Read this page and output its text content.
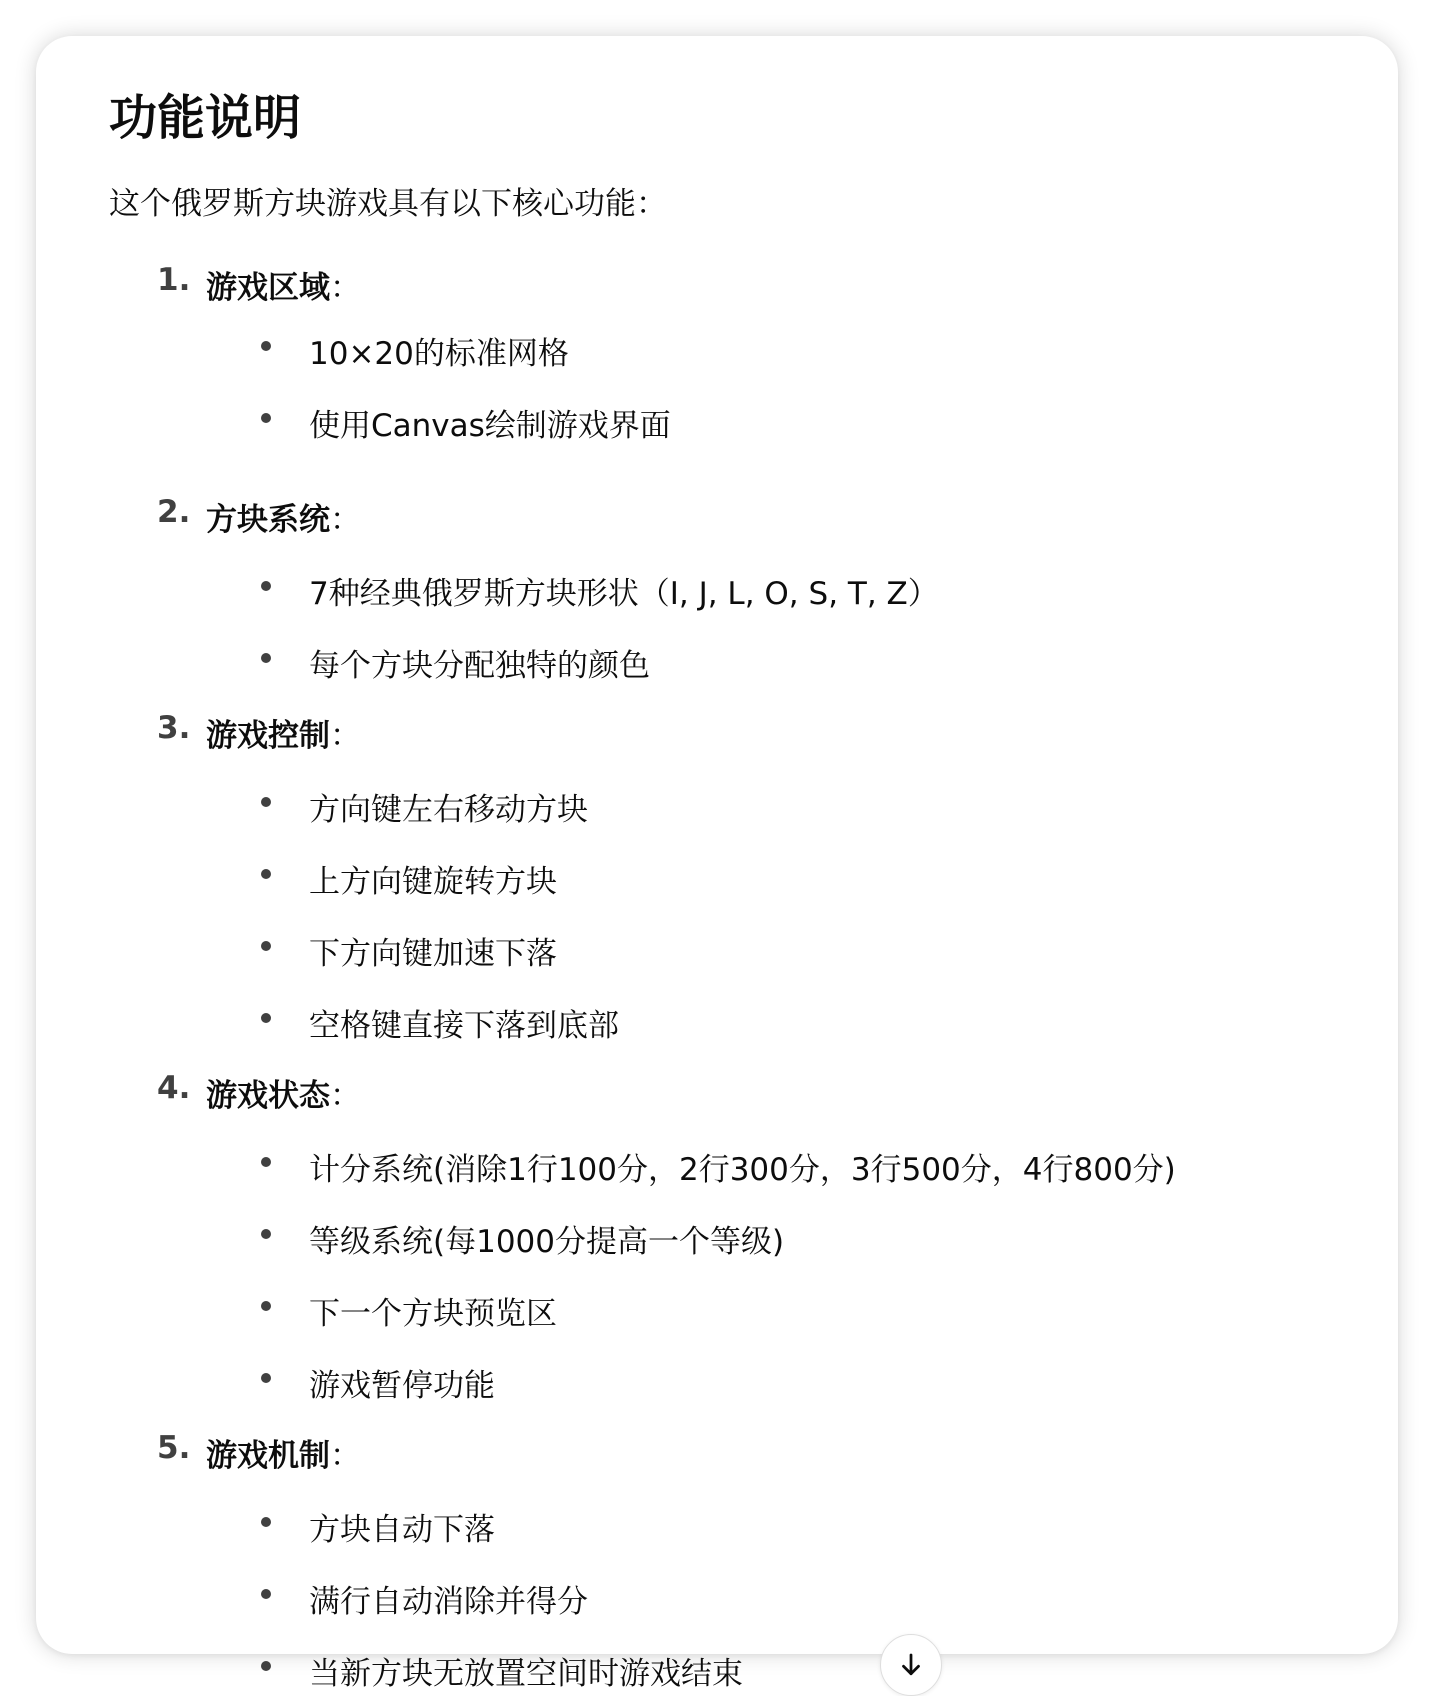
功能说明

这个俄罗斯方块游戏具有以下核心功能：

1. 游戏区域：
10×20的标准网格
使用Canvas绘制游戏界面
2. 方块系统：
7种经典俄罗斯方块形状（I, J, L, O, S, T, Z）
每个方块分配独特的颜色
3. 游戏控制：
方向键左右移动方块
上方向键旋转方块
下方向键加速下落
空格键直接下落到底部
4. 游戏状态：
计分系统(消除1行100分，2行300分，3行500分，4行800分)
等级系统(每1000分提高一个等级)
下一个方块预览区
游戏暂停功能
5. 游戏机制：
方块自动下落
满行自动消除并得分
当新方块无放置空间时游戏结束
